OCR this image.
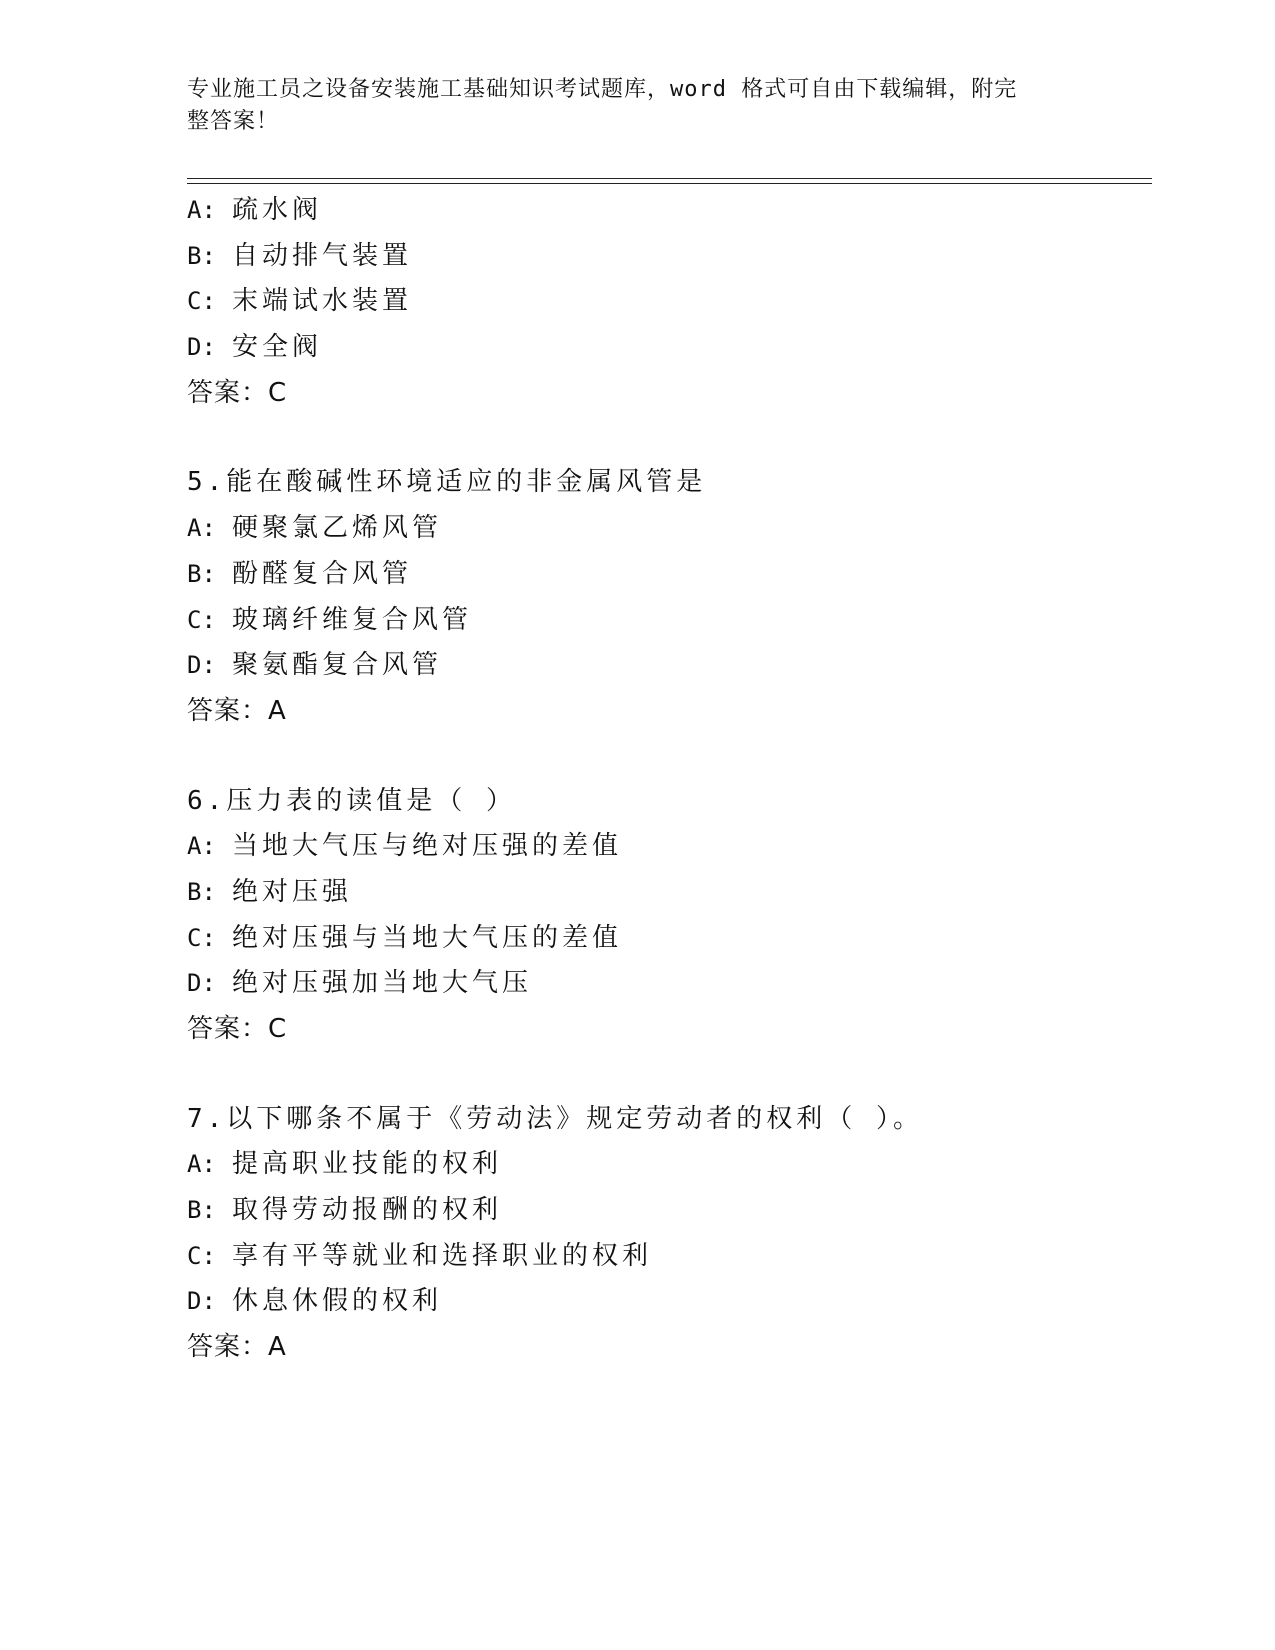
专业施工员之设备安装施工基础知识考试题库，word 格式可自由下载编辑，附完
整答案！
A: 疏水阀
B: 自动排气装置
C: 末端试水装置
D: 安全阀
答案：C
5.能在酸碱性环境适应的非金属风管是
A: 硬聚氯乙烯风管
B: 酚醛复合风管
C: 玻璃纤维复合风管
D: 聚氨酯复合风管
答案：A
6.压力表的读值是（ ）
A: 当地大气压与绝对压强的差值
B: 绝对压强
C: 绝对压强与当地大气压的差值
D: 绝对压强加当地大气压
答案：C
7.以下哪条不属于《劳动法》规定劳动者的权利（ ）。
A: 提高职业技能的权利
B: 取得劳动报酬的权利
C: 享有平等就业和选择职业的权利
D: 休息休假的权利
答案：A
